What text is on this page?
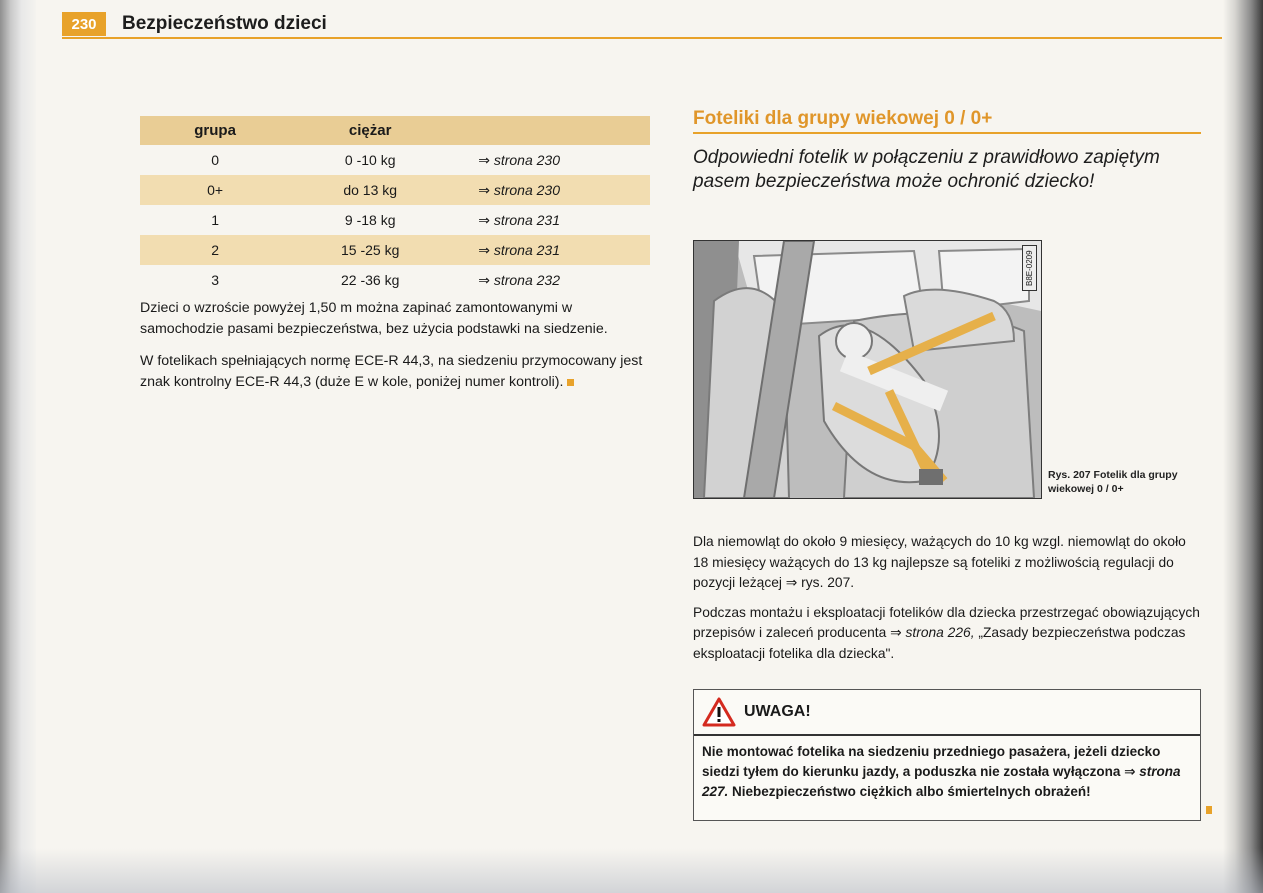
230	Bezpieczeństwo dzieci
grupa	ciężar	
0	0 -10 kg	⇒ strona 230
0+	do 13 kg	⇒ strona 230
1	9 -18 kg	⇒ strona 231
2	15 -25 kg	⇒ strona 231
3	22 -36 kg	⇒ strona 232

Dzieci o wzroście powyżej 1,50 m można zapinać zamontowanymi w samochodzie pasami bezpieczeństwa, bez użycia podstawki na siedzenie.

W fotelikach spełniających normę ECE-R 44,3, na siedzeniu przymocowany jest znak kontrolny ECE-R 44,3 (duże E w kole, poniżej numer kontroli).

Foteliki dla grupy wiekowej 0 / 0+
Odpowiedni fotelik w połączeniu z prawidłowo zapiętym pasem bezpieczeństwa może ochronić dziecko!
B8E-0209
Rys. 207 Fotelik dla grupy wiekowej 0 / 0+

Dla niemowląt do około 9 miesięcy, ważących do 10 kg wzgl. niemowląt do około 18 miesięcy ważących do 13 kg najlepsze są foteliki z możliwością regulacji do pozycji leżącej ⇒ rys. 207.

Podczas montażu i eksploatacji fotelików dla dziecka przestrzegać obowiązujących przepisów i zaleceń producenta ⇒ strona 226, „Zasady bezpieczeństwa podczas eksploatacji fotelika dla dziecka".

UWAGA!
Nie montować fotelika na siedzeniu przedniego pasażera, jeżeli dziecko siedzi tyłem do kierunku jazdy, a poduszka nie została wyłączona ⇒ strona 227. Niebezpieczeństwo ciężkich albo śmiertelnych obrażeń!
